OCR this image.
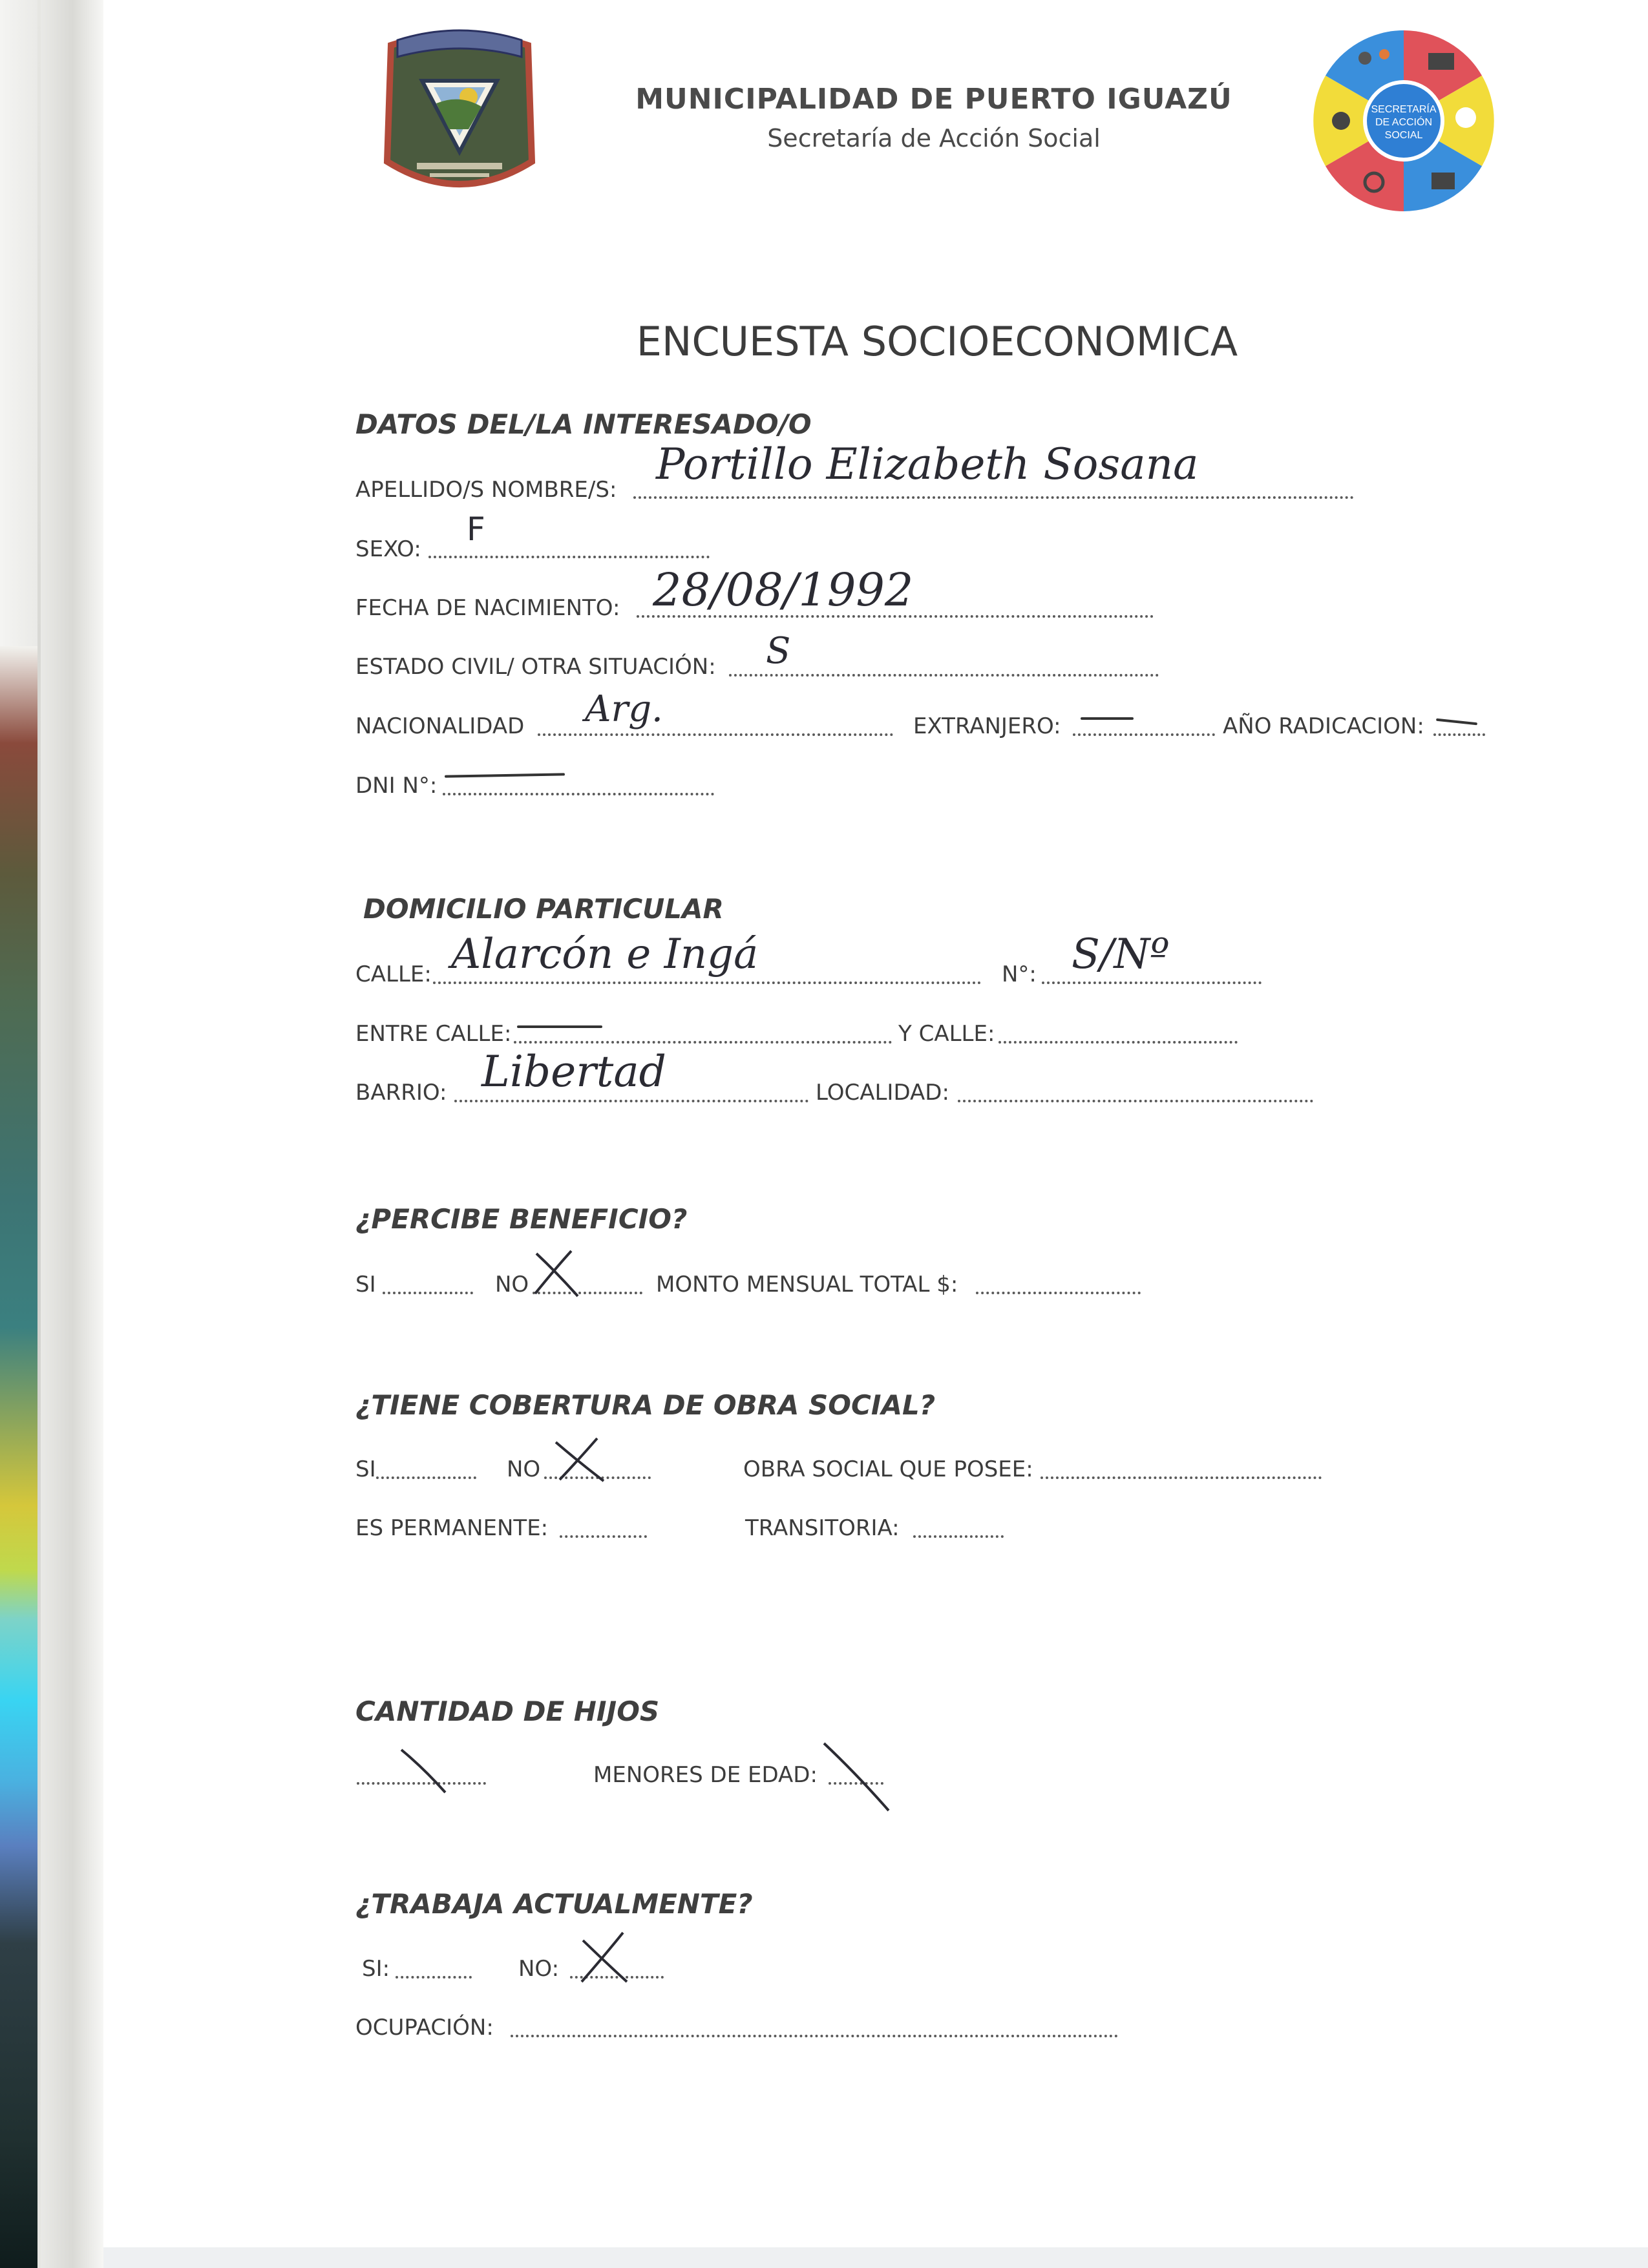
MUNICIPALIDAD DE PUERTO IGUAZÚ
Secretaría de Acción Social
SECRETARÍA
DE ACCIÓN
SOCIAL
ENCUESTA SOCIOECONOMICA
DATOS DEL/LA INTERESADO/O
APELLIDO/S NOMBRE/S:
Portillo Elizabeth Sosana
SEXO:
F
FECHA DE NACIMIENTO: 28/08/1992
ESTADO CIVIL/ OTRA SITUACIÓN: S
NACIONALIDAD Arg.	EXTRANJERO:	AÑO RADICACION:
DNI N°:
DOMICILIO PARTICULAR
CALLE: Alarcón e Ingá	N°: S/Nº
ENTRE CALLE:	Y CALLE:
BARRIO: Libertad	LOCALIDAD:
¿PERCIBE BENEFICIO?
SI	NO	MONTO MENSUAL TOTAL $:
¿TIENE COBERTURA DE OBRA SOCIAL?
SI	NO	OBRA SOCIAL QUE POSEE:
ES PERMANENTE:	TRANSITORIA:
CANTIDAD DE HIJOS
MENORES DE EDAD:
¿TRABAJA ACTUALMENTE?
SI:	NO:
OCUPACIÓN:
